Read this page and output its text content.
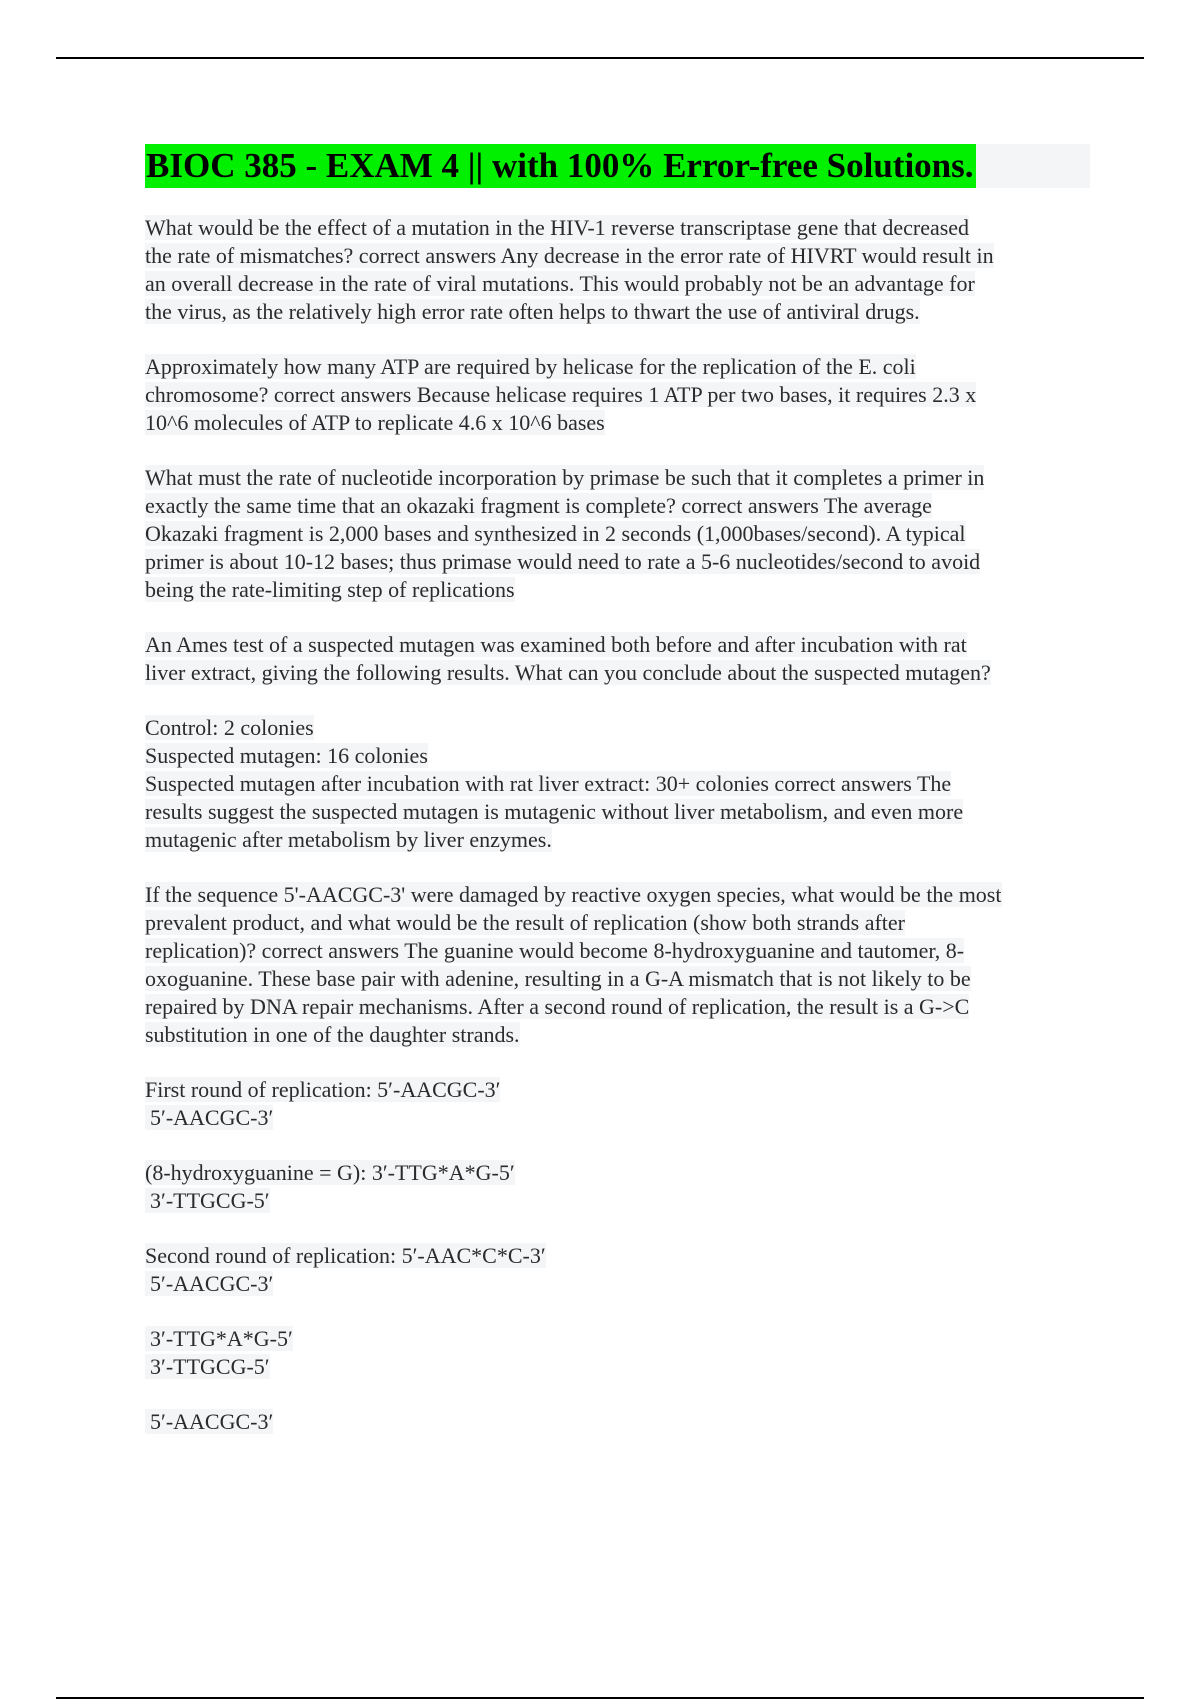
BIOC 385 - EXAM 4 || with 100% Error-free Solutions.
What would be the effect of a mutation in the HIV-1 reverse transcriptase gene that decreased
the rate of mismatches? correct answers Any decrease in the error rate of HIVRT would result in
an overall decrease in the rate of viral mutations. This would probably not be an advantage for
the virus, as the relatively high error rate often helps to thwart the use of antiviral drugs.
Approximately how many ATP are required by helicase for the replication of the E. coli
chromosome? correct answers Because helicase requires 1 ATP per two bases, it requires 2.3 x
10^6 molecules of ATP to replicate 4.6 x 10^6 bases
What must the rate of nucleotide incorporation by primase be such that it completes a primer in
exactly the same time that an okazaki fragment is complete? correct answers The average
Okazaki fragment is 2,000 bases and synthesized in 2 seconds (1,000bases/second). A typical
primer is about 10-12 bases; thus primase would need to rate a 5-6 nucleotides/second to avoid
being the rate-limiting step of replications
An Ames test of a suspected mutagen was examined both before and after incubation with rat
liver extract, giving the following results. What can you conclude about the suspected mutagen?
Control: 2 colonies
Suspected mutagen: 16 colonies
Suspected mutagen after incubation with rat liver extract: 30+ colonies correct answers The
results suggest the suspected mutagen is mutagenic without liver metabolism, and even more
mutagenic after metabolism by liver enzymes.
If the sequence 5'-AACGC-3' were damaged by reactive oxygen species, what would be the most
prevalent product, and what would be the result of replication (show both strands after
replication)? correct answers The guanine would become 8-hydroxyguanine and tautomer, 8-
oxoguanine. These base pair with adenine, resulting in a G-A mismatch that is not likely to be
repaired by DNA repair mechanisms. After a second round of replication, the result is a G->C
substitution in one of the daughter strands.
First round of replication: 5′-AACGC-3′
5′-AACGC-3′
(8-hydroxyguanine = G): 3′-TTG*A*G-5′
3′-TTGCG-5′
Second round of replication: 5′-AAC*C*C-3′
5′-AACGC-3′
3′-TTG*A*G-5′
3′-TTGCG-5′
5′-AACGC-3′
